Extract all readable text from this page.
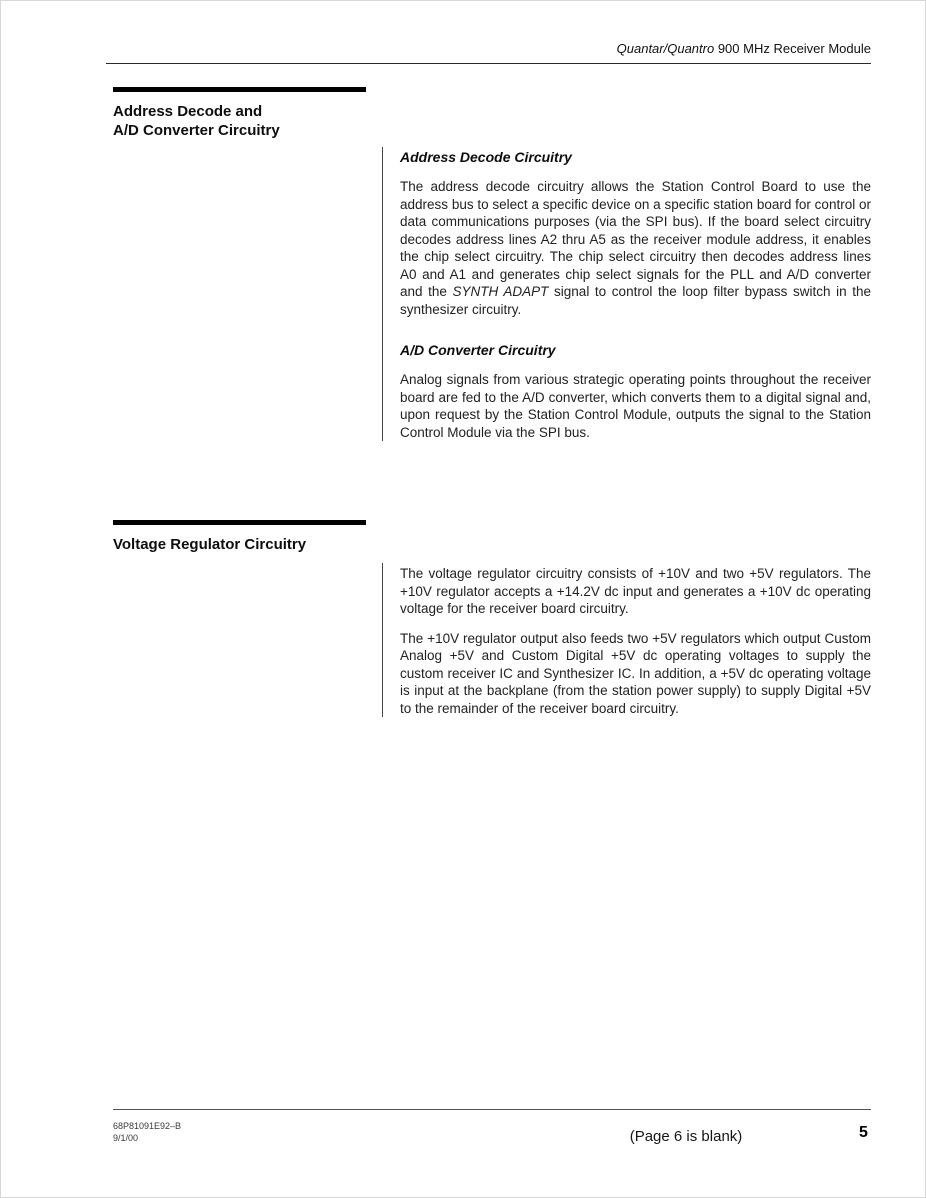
Quantar/Quantro 900 MHz Receiver Module
Address Decode and
A/D Converter Circuitry
Address Decode Circuitry

The address decode circuitry allows the Station Control Board to use the address bus to select a specific device on a specific station board for control or data communications purposes (via the SPI bus). If the board select circuitry decodes address lines A2 thru A5 as the receiver module address, it enables the chip select circuitry. The chip select circuitry then decodes address lines A0 and A1 and generates chip select signals for the PLL and A/D converter and the SYNTH ADAPT signal to control the loop filter bypass switch in the synthesizer circuitry.

A/D Converter Circuitry

Analog signals from various strategic operating points throughout the receiver board are fed to the A/D converter, which converts them to a digital signal and, upon request by the Station Control Module, outputs the signal to the Station Control Module via the SPI bus.

Voltage Regulator Circuitry

The voltage regulator circuitry consists of +10V and two +5V regulators. The +10V regulator accepts a +14.2V dc input and generates a +10V dc operating voltage for the receiver board circuitry.

The +10V regulator output also feeds two +5V regulators which output Custom Analog +5V and Custom Digital +5V dc operating voltages to supply the custom receiver IC and Synthesizer IC. In addition, a +5V dc operating voltage is input at the backplane (from the station power supply) to supply Digital +5V to the remainder of the receiver board circuitry.

68P81091E92–B
9/1/00	(Page 6 is blank)	5
